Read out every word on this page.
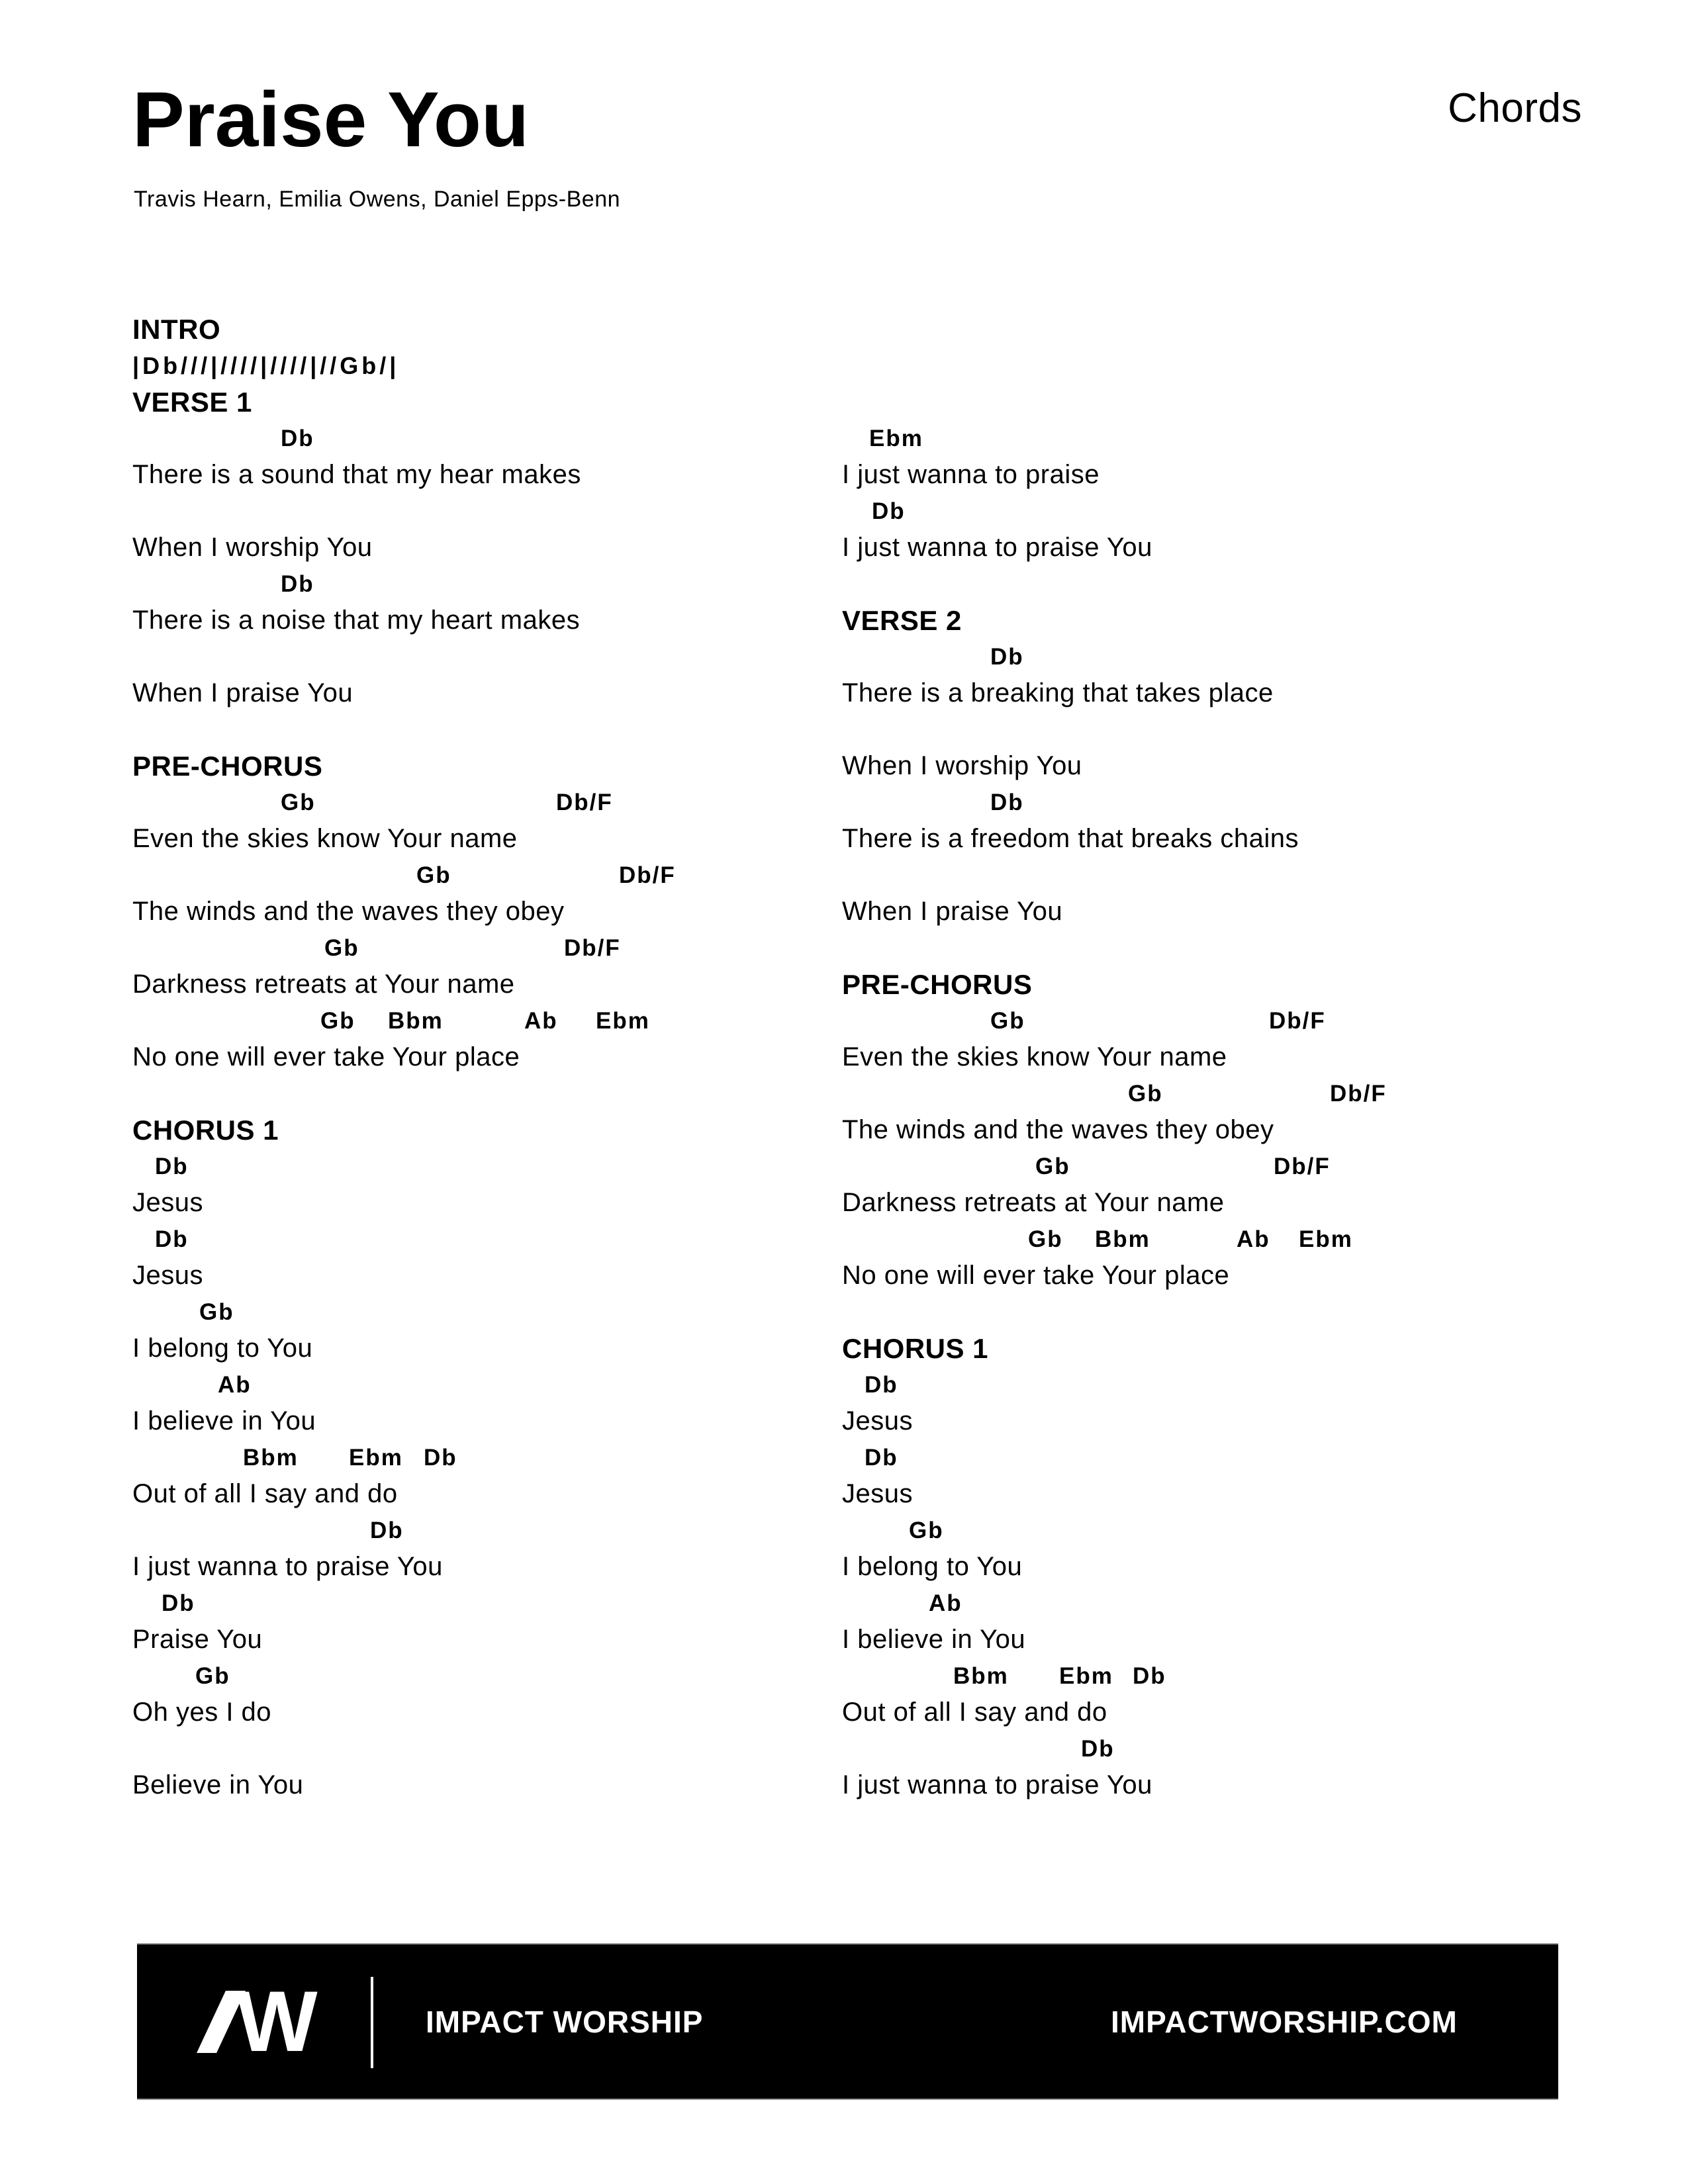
Praise You
Travis Hearn, Emilia Owens, Daniel Epps-Benn
Chords
INTRO
|Db///|////|////|//Gb/|
VERSE 1
Db
There is a sound that my hear makes
When I worship You
Db
There is a noise that my heart makes
When I praise You
PRE-CHORUS
Gb	Db/F
Even the skies know Your name
Gb	Db/F
The winds and the waves they obey
Gb	Db/F
Darkness retreats at Your name
Gb Bbm	Ab Ebm
No one will ever take Your place
CHORUS 1
Db
Jesus
Db
Jesus
Gb
I belong to You
Ab
I believe in You
Bbm Ebm Db
Out of all I say and do
Db
I just wanna to praise You
Db
Praise You
Gb
Oh yes I do
Believe in You
Ebm
I just wanna to praise
Db
I just wanna to praise You
VERSE 2
Db
There is a breaking that takes place
When I worship You
Db
There is a freedom that breaks chains
When I praise You
PRE-CHORUS
Gb	Db/F
Even the skies know Your name
Gb	Db/F
The winds and the waves they obey
Gb	Db/F
Darkness retreats at Your name
Gb Bbm	Ab Ebm
No one will ever take Your place
CHORUS 1
Db
Jesus
Db
Jesus
Gb
I belong to You
Ab
I believe in You
Bbm Ebm Db
Out of all I say and do
Db
I just wanna to praise You
★ W	IMPACT WORSHIP	IMPACTWORSHIP.COM
